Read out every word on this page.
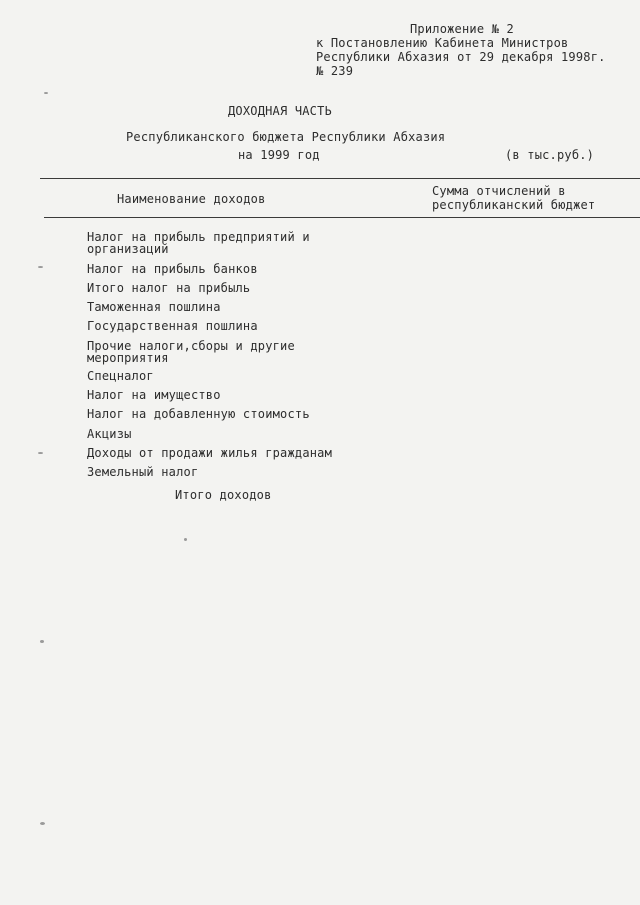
Приложение № 2
к Постановлению Кабинета Министров
Республики Абхазия от 29 декабря 1998г.
№ 239
ДОХОДНАЯ ЧАСТЬ
Республиканского бюджета Республики Абхазия
на 1999 год	(в тыс.руб.)
Наименование доходов
Сумма отчислений в
республиканский бюджет
Налог на прибыль предприятий и
организаций
Налог на прибыль банков
Итого налог на прибыль
Таможенная пошлина
Государственная пошлина
Прочие налоги,сборы и другие
мероприятия
Спецналог
Налог на имущество
Налог на добавленную стоимость
Акцизы
Доходы от продажи жилья гражданам
Земельный налог
Итого доходов
